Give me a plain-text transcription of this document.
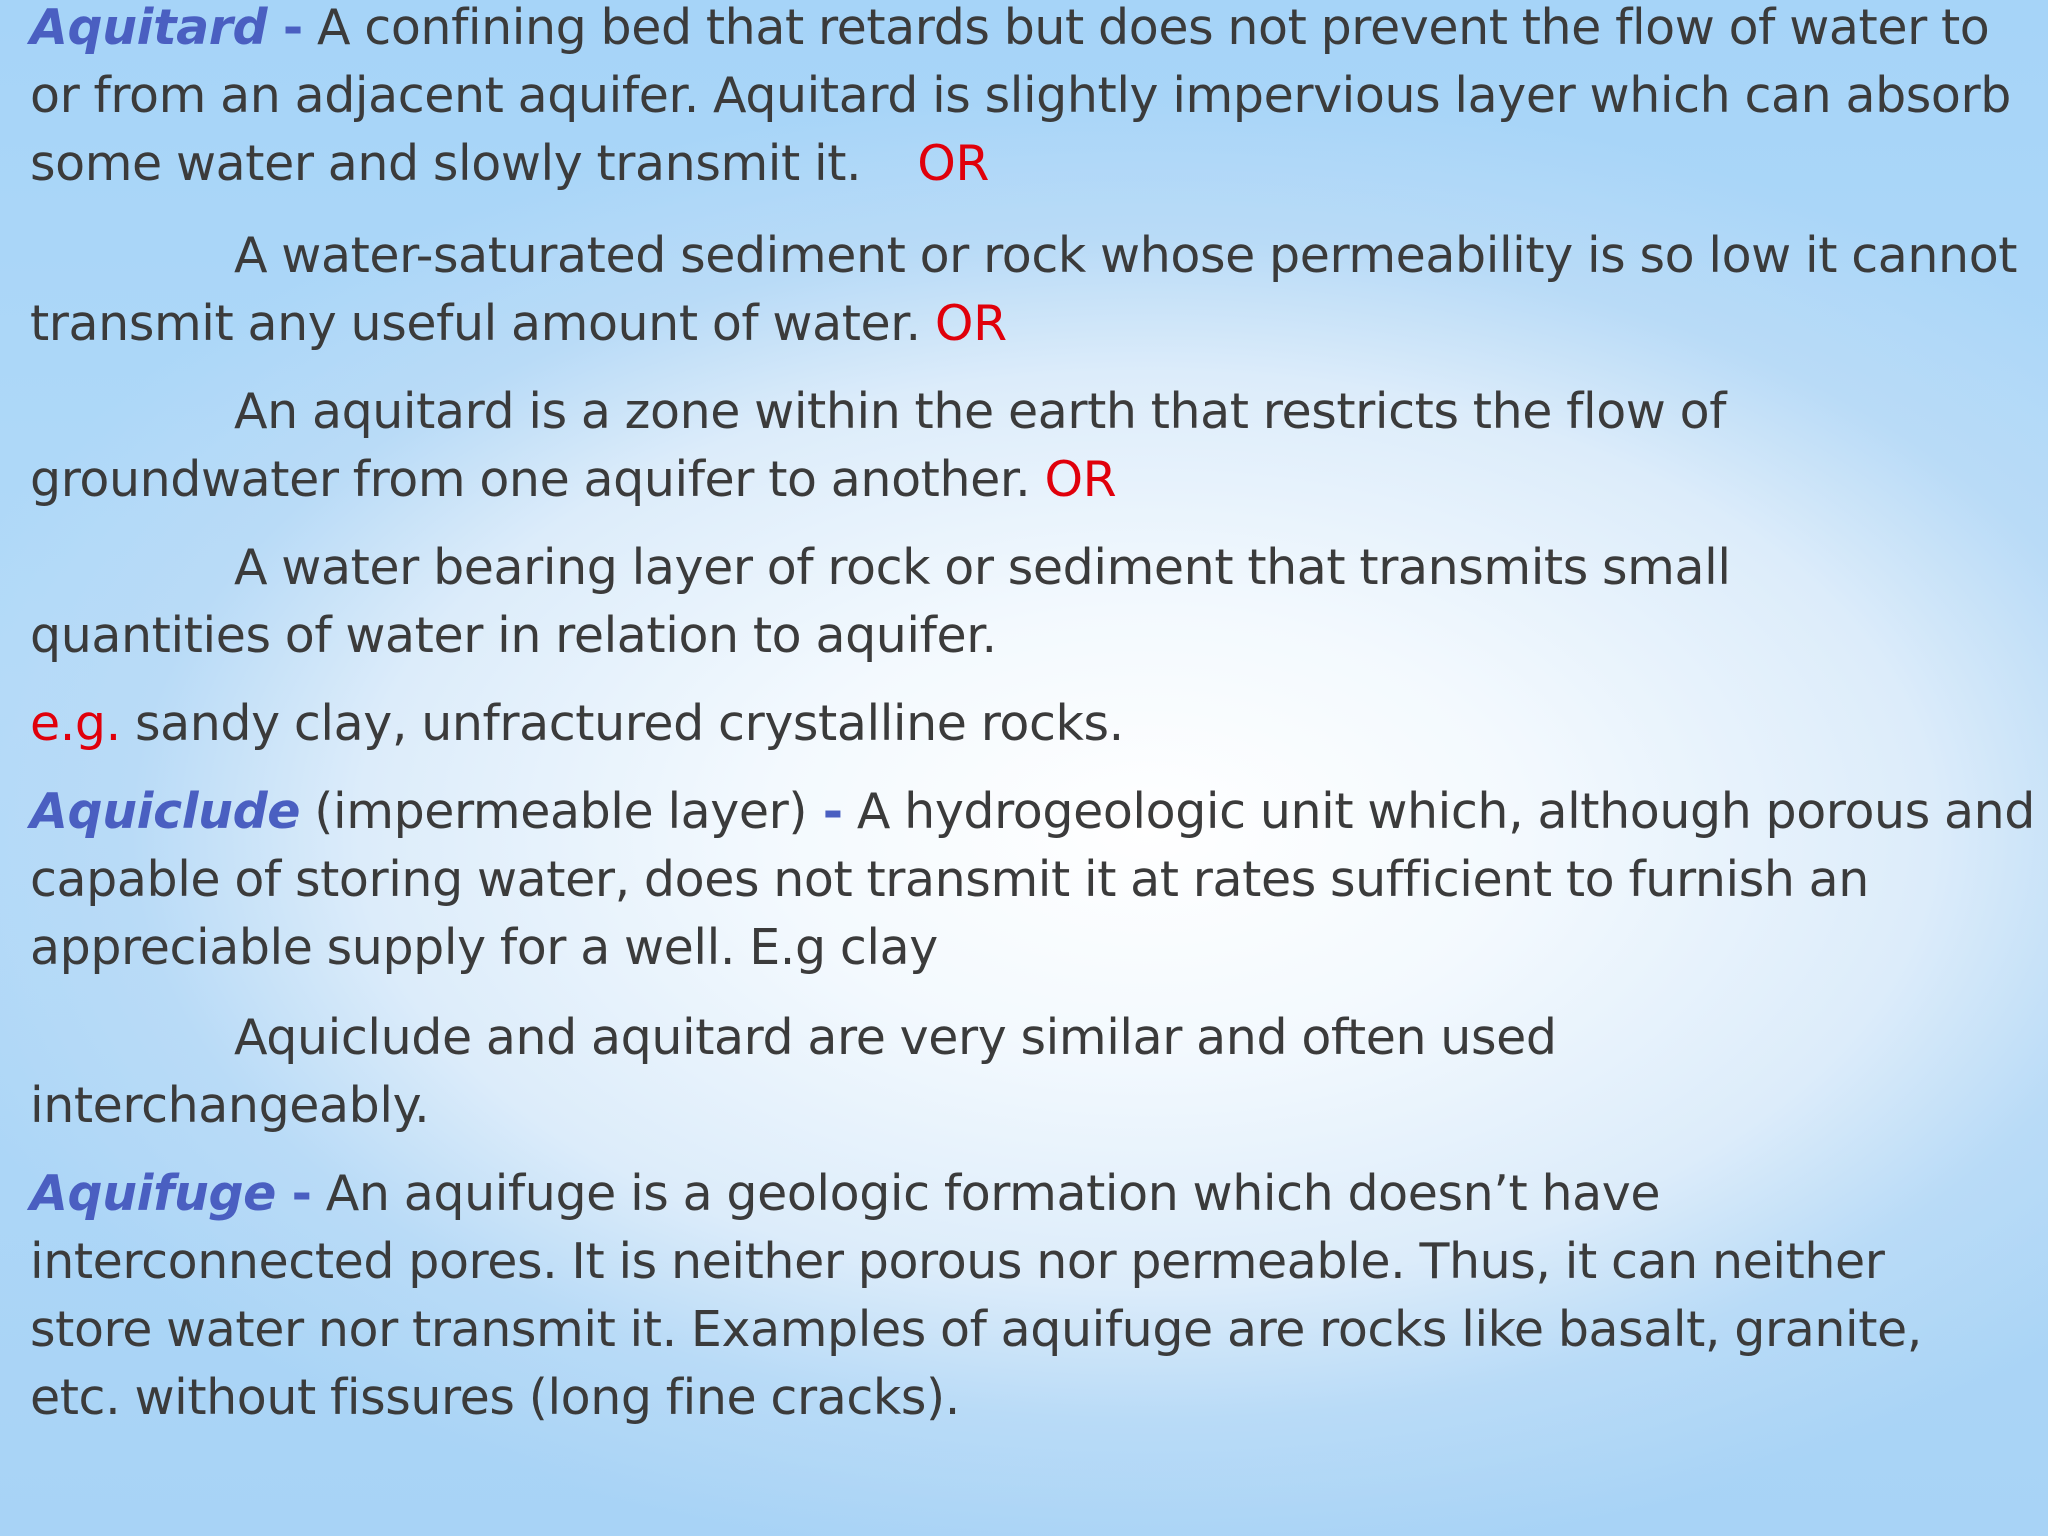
Aquitard - A confining bed that retards but does not prevent the flow of water to or from an adjacent aquifer. Aquitard is slightly impervious layer which can absorb some water and slowly transmit it. OR

A water-saturated sediment or rock whose permeability is so low it cannot transmit any useful amount of water. OR

An aquitard is a zone within the earth that restricts the flow of groundwater from one aquifer to another. OR

A water bearing layer of rock or sediment that transmits small quantities of water in relation to aquifer.

e.g. sandy clay, unfractured crystalline rocks.

Aquiclude (impermeable layer) - A hydrogeologic unit which, although porous and capable of storing water, does not transmit it at rates sufficient to furnish an appreciable supply for a well. E.g clay

Aquiclude and aquitard are very similar and often used interchangeably.

Aquifuge - An aquifuge is a geologic formation which doesn’t have interconnected pores. It is neither porous nor permeable. Thus, it can neither store water nor transmit it. Examples of aquifuge are rocks like basalt, granite, etc. without fissures (long fine cracks).
